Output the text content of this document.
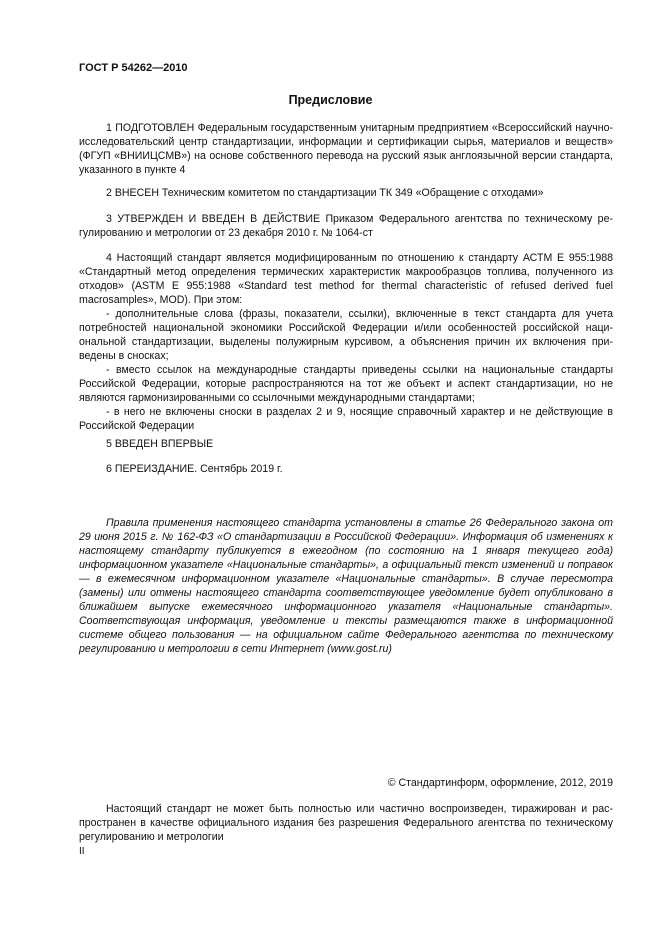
ГОСТ Р 54262—2010
Предисловие
1 ПОДГОТОВЛЕН Федеральным государственным унитарным предприятием «Всероссийский научно-исследовательский центр стандартизации, информации и сертификации сырья, материалов и веществ» (ФГУП «ВНИИЦСМВ») на основе собственного перевода на русский язык англоязычной версии стандарта, указанного в пункте 4
2 ВНЕСЕН Техническим комитетом по стандартизации ТК 349 «Обращение с отходами»
3 УТВЕРЖДЕН И ВВЕДЕН В ДЕЙСТВИЕ Приказом Федерального агентства по техническому регулированию и метрологии от 23 декабря 2010 г. № 1064-ст

4 Настоящий стандарт является модифицированным по отношению к стандарту АСТМ Е 955:1988 «Стандартный метод определения термических характеристик макрообразцов топлива, полученного из отходов» (ASTM Е 955:1988 «Standard test method for thermal characteristic of refused derived fuel macrosamples», MOD). При этом:

- дополнительные слова (фразы, показатели, ссылки), включенные в текст стандарта для учета потребностей национальной экономики Российской Федерации и/или особенностей российской национальной стандартизации, выделены полужирным курсивом, а объяснения причин их включения приведены в сносках;

- вместо ссылок на международные стандарты приведены ссылки на национальные стандарты Российской Федерации, которые распространяются на тот же объект и аспект стандартизации, но не являются гармонизированными со ссылочными международными стандартами;

- в него не включены сноски в разделах 2 и 9, носящие справочный характер и не действующие в Российской Федерации

5 ВВЕДЕН ВПЕРВЫЕ
6 ПЕРЕИЗДАНИЕ. Сентябрь 2019 г.
Правила применения настоящего стандарта установлены в статье 26 Федерального закона от 29 июня 2015 г. № 162-ФЗ «О стандартизации в Российской Федерации». Информация об изменениях к настоящему стандарту публикуется в ежегодном (по состоянию на 1 января текущего года) информационном указателе «Национальные стандарты», а официальный текст изменений и поправок — в ежемесячном информационном указателе «Национальные стандарты». В случае пересмотра (замены) или отмены настоящего стандарта соответствующее уведомление будет опубликовано в ближайшем выпуске ежемесячного информационного указателя «Национальные стандарты». Соответствующая информация, уведомление и тексты размещаются также в информационной системе общего пользования — на официальном сайте Федерального агентства по техническому регулированию и метрологии в сети Интернет (www.gost.ru)
© Стандартинформ, оформление, 2012, 2019
Настоящий стандарт не может быть полностью или частично воспроизведен, тиражирован и распространен в качестве официального издания без разрешения Федерального агентства по техническому регулированию и метрологии
II
